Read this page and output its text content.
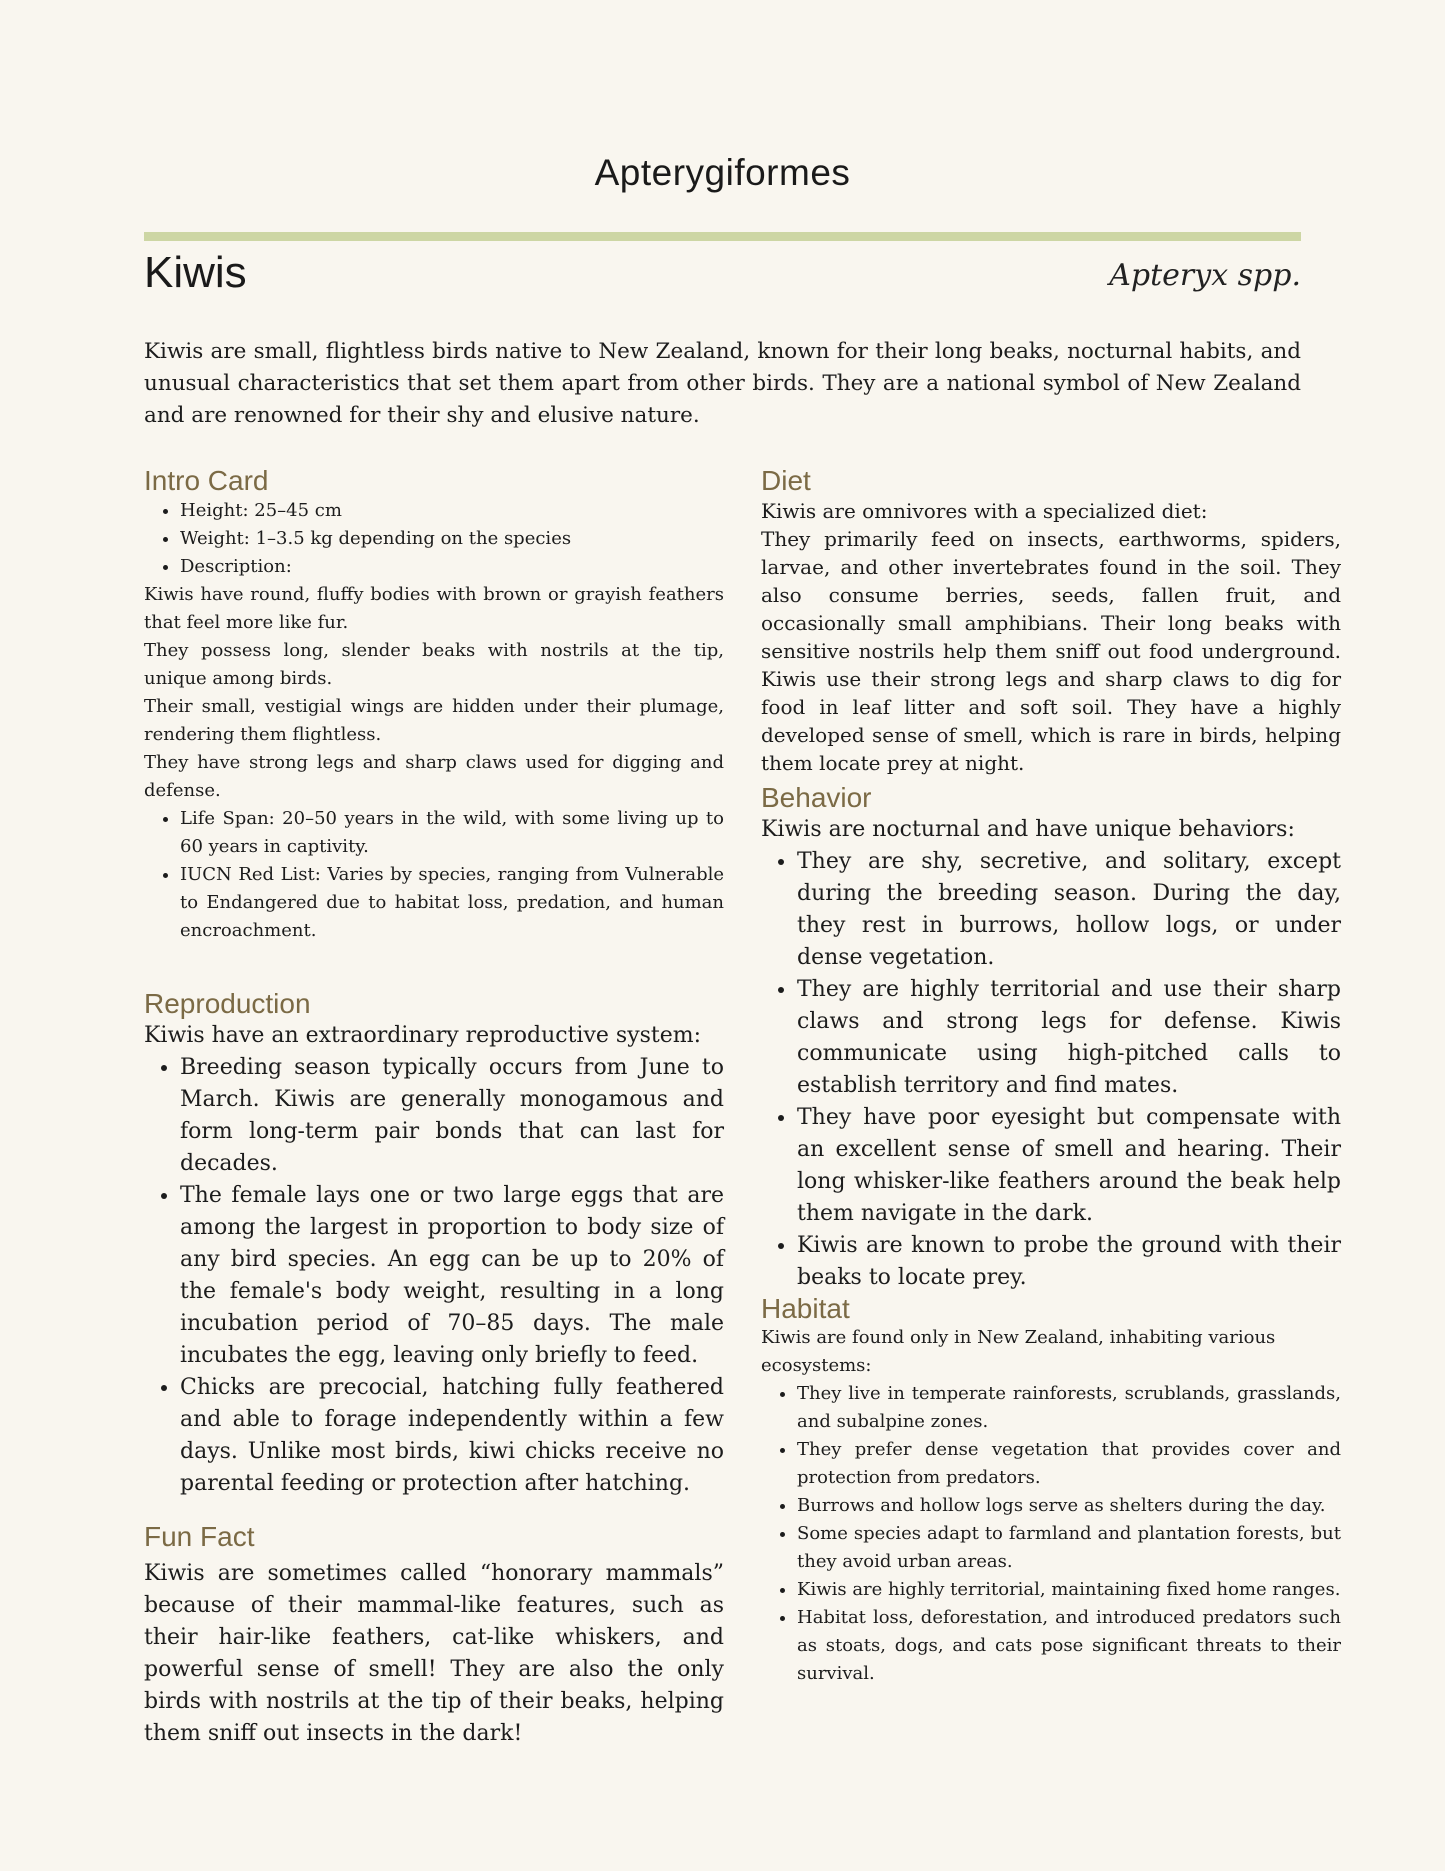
Apterygiformes
Kiwis	Apteryx spp.

Kiwis are small, flightless birds native to New Zealand, known for their long beaks, nocturnal habits, and unusual characteristics that set them apart from other birds. They are a national symbol of New Zealand and are renowned for their shy and elusive nature.

Intro Card
• Height: 25–45 cm
• Weight: 1–3.5 kg depending on the species
• Description:

Kiwis have round, fluffy bodies with brown or grayish feathers that feel more like fur.

They possess long, slender beaks with nostrils at the tip, unique among birds.

Their small, vestigial wings are hidden under their plumage, rendering them flightless.

They have strong legs and sharp claws used for digging and defense.

• Life Span: 20–50 years in the wild, with some living up to 60 years in captivity.
• IUCN Red List: Varies by species, ranging from Vulnerable to Endangered due to habitat loss, predation, and human encroachment.
Reproduction

Kiwis have an extraordinary reproductive system:

• Breeding season typically occurs from June to March. Kiwis are generally monogamous and form long-term pair bonds that can last for decades.
• The female lays one or two large eggs that are among the largest in proportion to body size of any bird species. An egg can be up to 20% of the female's body weight, resulting in a long incubation period of 70–85 days. The male incubates the egg, leaving only briefly to feed.
• Chicks are precocial, hatching fully feathered and able to forage independently within a few days. Unlike most birds, kiwi chicks receive no parental feeding or protection after hatching.
Fun Fact

Kiwis are sometimes called “honorary mammals” because of their mammal-like features, such as their hair-like feathers, cat-like whiskers, and powerful sense of smell! They are also the only birds with nostrils at the tip of their beaks, helping them sniff out insects in the dark!

Diet

Kiwis are omnivores with a specialized diet:

They primarily feed on insects, earthworms, spiders, larvae, and other invertebrates found in the soil. They also consume berries, seeds, fallen fruit, and occasionally small amphibians. Their long beaks with sensitive nostrils help them sniff out food underground. Kiwis use their strong legs and sharp claws to dig for food in leaf litter and soft soil. They have a highly developed sense of smell, which is rare in birds, helping them locate prey at night.

Behavior

Kiwis are nocturnal and have unique behaviors:

• They are shy, secretive, and solitary, except during the breeding season. During the day, they rest in burrows, hollow logs, or under dense vegetation.
• They are highly territorial and use their sharp claws and strong legs for defense. Kiwis communicate using high-pitched calls to establish territory and find mates.
• They have poor eyesight but compensate with an excellent sense of smell and hearing. Their long whisker-like feathers around the beak help them navigate in the dark.
• Kiwis are known to probe the ground with their beaks to locate prey.
Habitat

Kiwis are found only in New Zealand, inhabiting various ecosystems:

• They live in temperate rainforests, scrublands, grasslands, and subalpine zones.
• They prefer dense vegetation that provides cover and protection from predators.
• Burrows and hollow logs serve as shelters during the day.
• Some species adapt to farmland and plantation forests, but they avoid urban areas.
• Kiwis are highly territorial, maintaining fixed home ranges.
• Habitat loss, deforestation, and introduced predators such as stoats, dogs, and cats pose significant threats to their survival.
